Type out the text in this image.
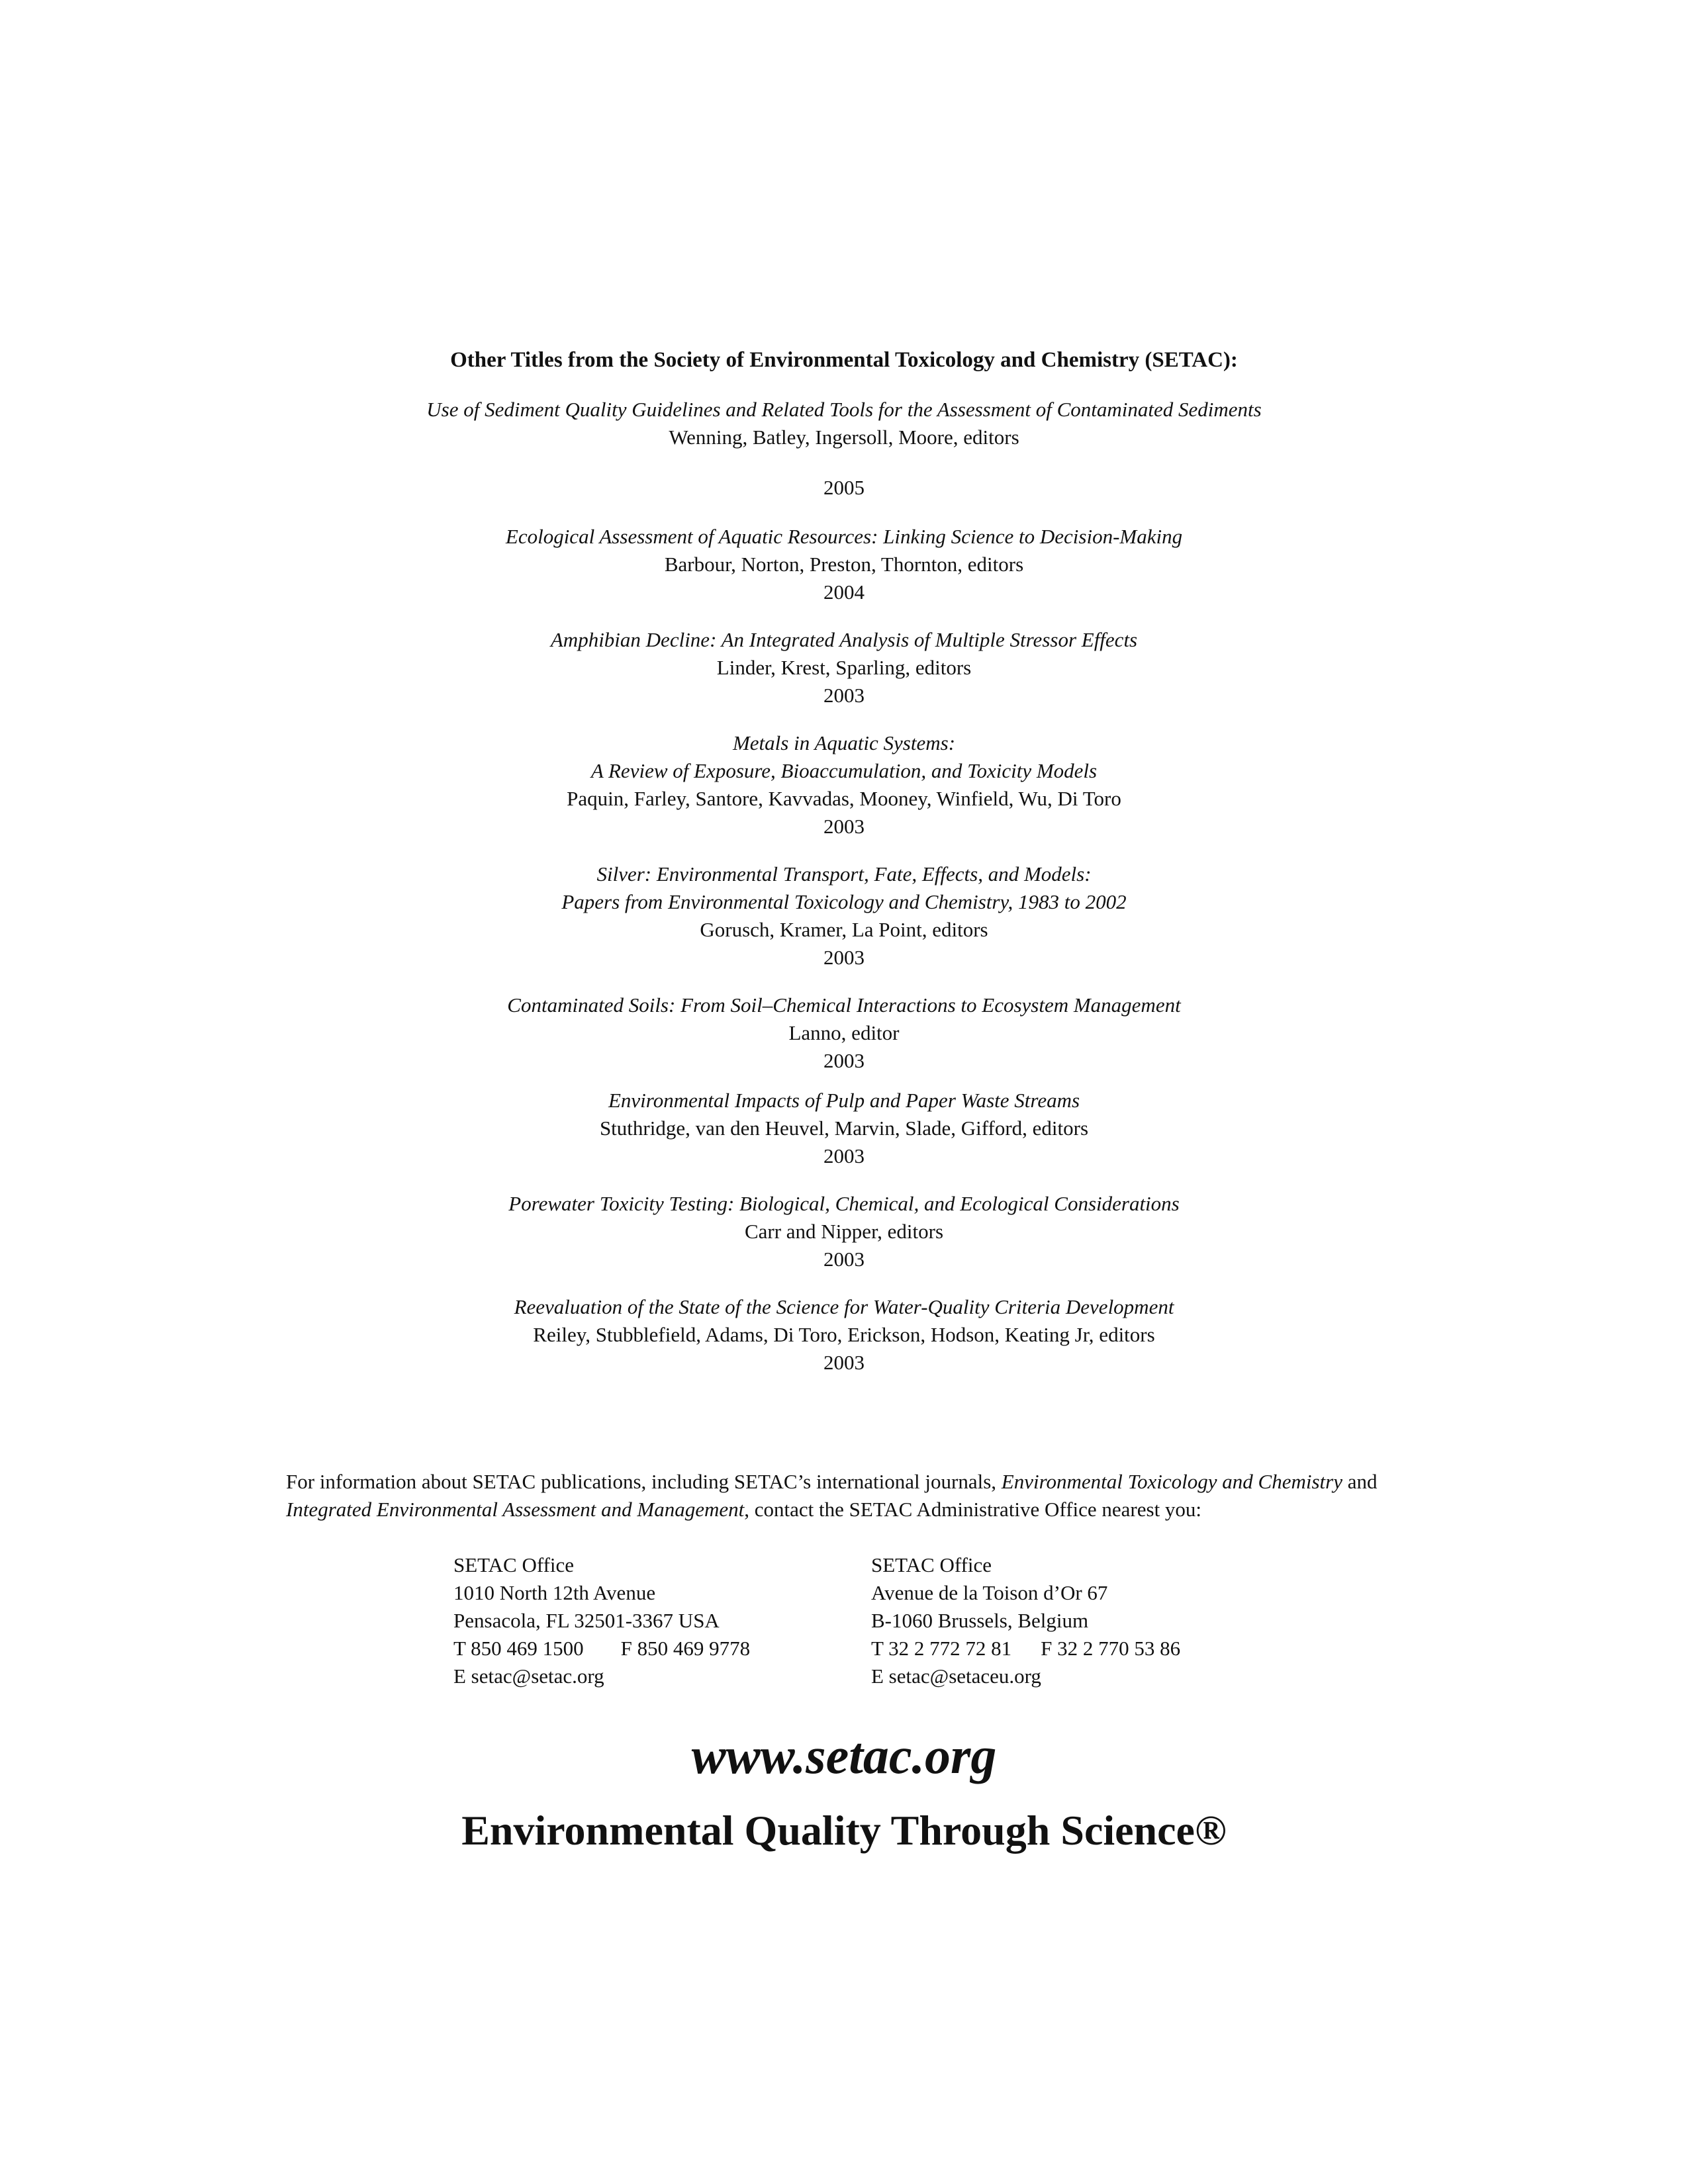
Other Titles from the Society of Environmental Toxicology and Chemistry (SETAC):
Use of Sediment Quality Guidelines and Related Tools for the Assessment of Contaminated Sediments
Wenning, Batley, Ingersoll, Moore, editors
2005
Ecological Assessment of Aquatic Resources: Linking Science to Decision-Making
Barbour, Norton, Preston, Thornton, editors
2004
Amphibian Decline: An Integrated Analysis of Multiple Stressor Effects
Linder, Krest, Sparling, editors
2003
Metals in Aquatic Systems:
A Review of Exposure, Bioaccumulation, and Toxicity Models
Paquin, Farley, Santore, Kavvadas, Mooney, Winfield, Wu, Di Toro
2003
Silver: Environmental Transport, Fate, Effects, and Models:
Papers from Environmental Toxicology and Chemistry, 1983 to 2002
Gorusch, Kramer, La Point, editors
2003
Contaminated Soils: From Soil–Chemical Interactions to Ecosystem Management
Lanno, editor
2003
Environmental Impacts of Pulp and Paper Waste Streams
Stuthridge, van den Heuvel, Marvin, Slade, Gifford, editors
2003
Porewater Toxicity Testing: Biological, Chemical, and Ecological Considerations
Carr and Nipper, editors
2003
Reevaluation of the State of the Science for Water-Quality Criteria Development
Reiley, Stubblefield, Adams, Di Toro, Erickson, Hodson, Keating Jr, editors
2003
For information about SETAC publications, including SETAC’s international journals, Environmental Toxicology and Chemistry and
Integrated Environmental Assessment and Management, contact the SETAC Administrative Office nearest you:
SETAC Office
1010 North 12th Avenue
Pensacola, FL 32501-3367 USA
T 850 469 1500 F 850 469 9778
E setac@setac.org
SETAC Office
Avenue de la Toison d’Or 67
B-1060 Brussels, Belgium
T 32 2 772 72 81 F 32 2 770 53 86
E setac@setaceu.org
www.setac.org
Environmental Quality Through Science®
